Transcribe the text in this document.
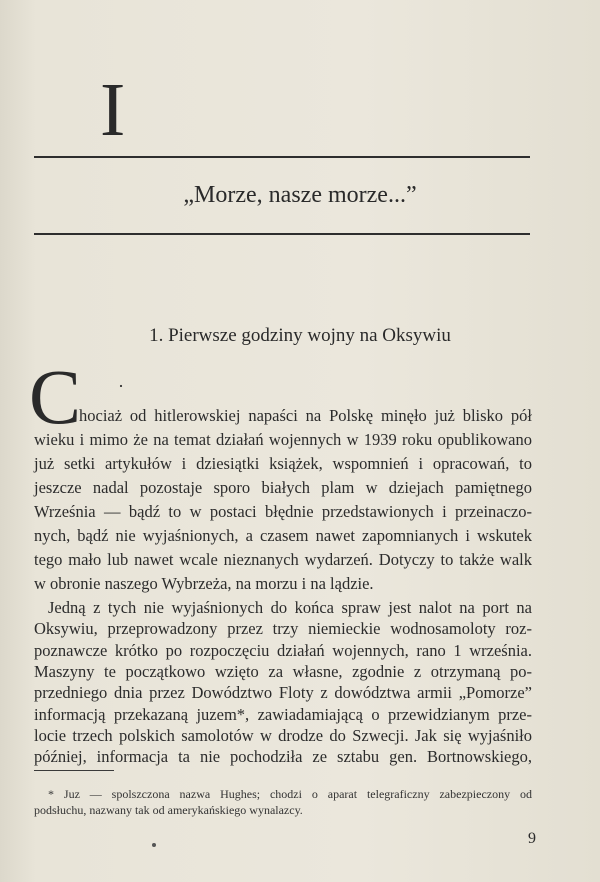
I
„Morze, nasze morze...”
1. Pierwsze godziny wojny na Oksywiu
C ·
hociaż od hitlerowskiej napaści na Polskę minęło już blisko pół
wieku i mimo że na temat działań wojennych w 1939 roku opublikowano
już setki artykułów i dziesiątki książek, wspomnień i opracowań, to
jeszcze nadal pozostaje sporo białych plam w dziejach pamiętnego
Września — bądź to w postaci błędnie przedstawionych i przeinaczo-
nych, bądź nie wyjaśnionych, a czasem nawet zapomnianych i wskutek
tego mało lub nawet wcale nieznanych wydarzeń. Dotyczy to także walk
w obronie naszego Wybrzeża, na morzu i na lądzie.
Jedną z tych nie wyjaśnionych do końca spraw jest nalot na port na
Oksywiu, przeprowadzony przez trzy niemieckie wodnosamoloty roz-
poznawcze krótko po rozpoczęciu działań wojennych, rano 1 września.
Maszyny te początkowo wzięto za własne, zgodnie z otrzymaną po-
przedniego dnia przez Dowództwo Floty z dowództwa armii „Pomorze”
informacją przekazaną juzem*, zawiadamiającą o przewidzianym prze-
locie trzech polskich samolotów w drodze do Szwecji. Jak się wyjaśniło
* Juz — spolszczona nazwa Hughes; chodzi o aparat telegraficzny zabezpieczony od
podsłuchu, nazwany tak od amerykańskiego wynalazcy.
9
później, informacja ta nie pochodziła ze sztabu gen. Bortnowskiego,
